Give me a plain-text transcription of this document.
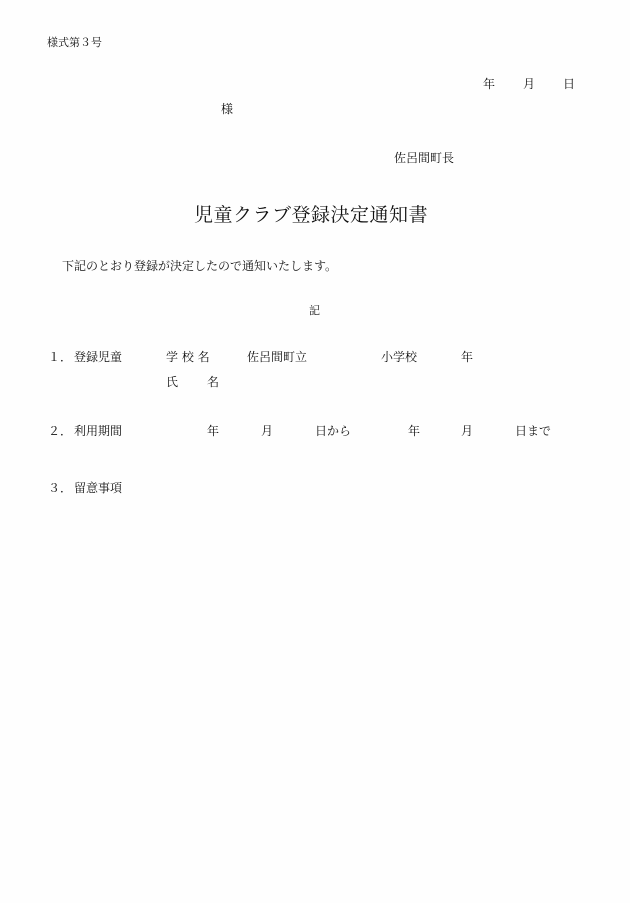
様式第３号
年 月 日
様
佐呂間町長
児童クラブ登録決定通知書
下記のとおり登録が決定したので通知いたします。
記
１． 登録児童	学 校 名	佐呂間町立	小学校	年
氏 名
２． 利用期間	年	月	日から	年	月	日まで
３． 留意事項
